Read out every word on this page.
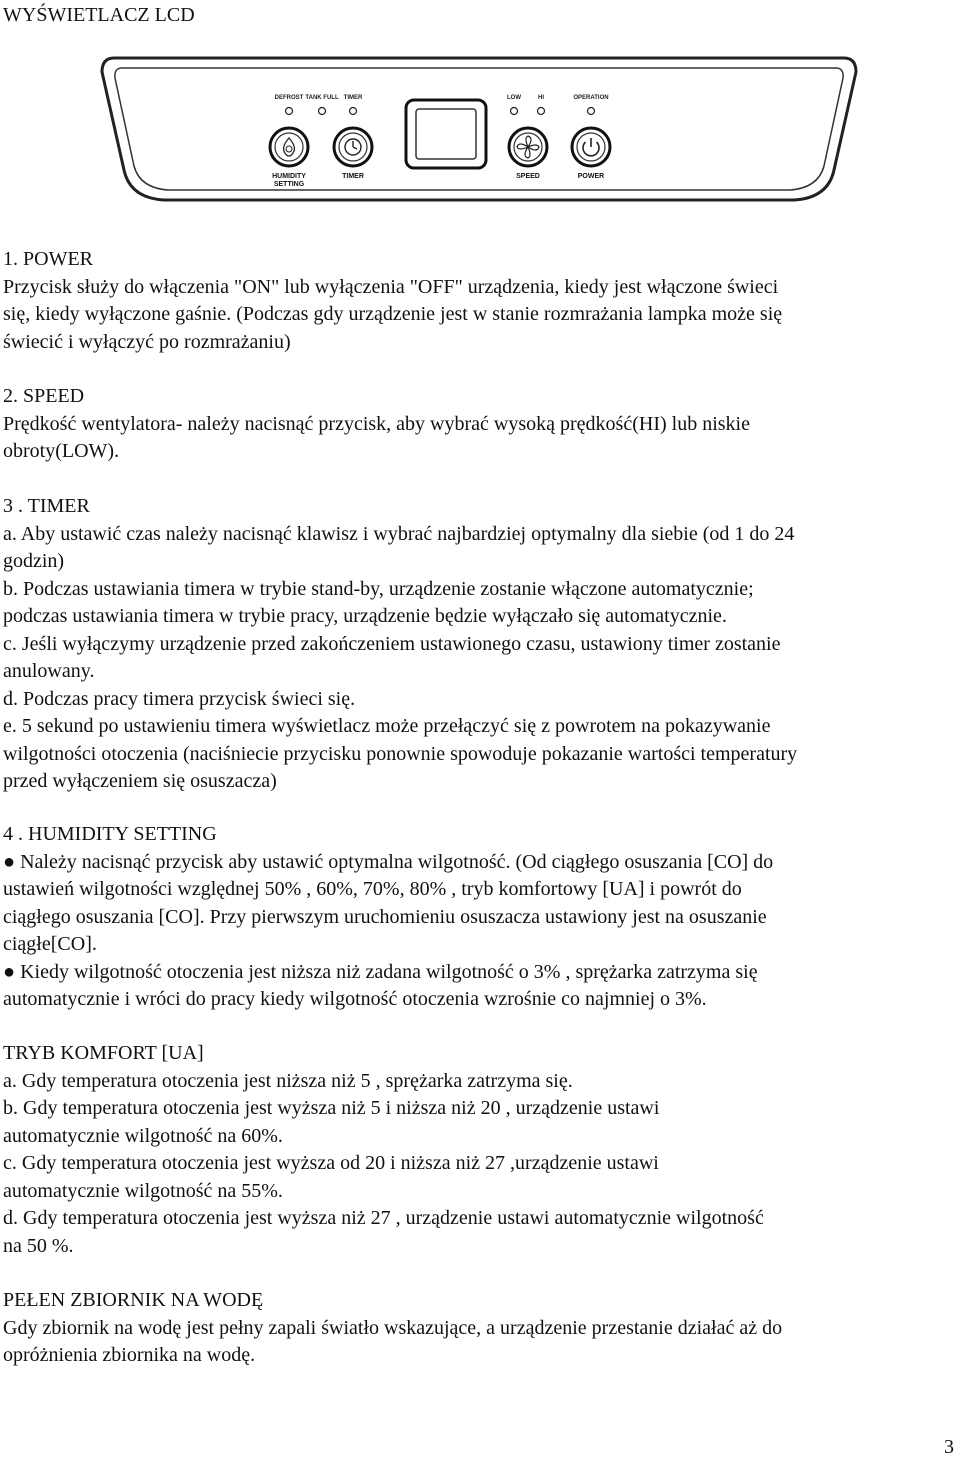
WYŚWIETLACZ LCD
DEFROST TANK FULL TIMER	LOW	HI	OPERATION
HUMIDITY
SETTING
TIMER	SPEED	POWER
1. POWER
Przycisk służy do włączenia "ON" lub wyłączenia "OFF" urządzenia, kiedy jest włączone świeci
się, kiedy wyłączone gaśnie. (Podczas gdy urządzenie jest w stanie rozmrażania lampka może się
świecić i wyłączyć po rozmrażaniu)
2. SPEED
Prędkość wentylatora- należy nacisnąć przycisk, aby wybrać wysoką prędkość(HI) lub niskie
obroty(LOW).
3 . TIMER
a. Aby ustawić czas należy nacisnąć klawisz i wybrać najbardziej optymalny dla siebie (od 1 do 24
godzin)
b. Podczas ustawiania timera w trybie stand-by, urządzenie zostanie włączone automatycznie;
podczas ustawiania timera w trybie pracy, urządzenie będzie wyłączało się automatycznie.
c. Jeśli wyłączymy urządzenie przed zakończeniem ustawionego czasu, ustawiony timer zostanie
anulowany.
d. Podczas pracy timera przycisk świeci się.
e. 5 sekund po ustawieniu timera wyświetlacz może przełączyć się z powrotem na pokazywanie
wilgotności otoczenia (naciśniecie przycisku ponownie spowoduje pokazanie wartości temperatury
przed wyłączeniem się osuszacza)
4 . HUMIDITY SETTING
● Należy nacisnąć przycisk aby ustawić optymalna wilgotność. (Od ciągłego osuszania [CO] do
ustawień wilgotności względnej 50% , 60%, 70%, 80% , tryb komfortowy [UA] i powrót do
ciągłego osuszania [CO]. Przy pierwszym uruchomieniu osuszacza ustawiony jest na osuszanie
ciągłe[CO].
● Kiedy wilgotność otoczenia jest niższa niż zadana wilgotność o 3% , sprężarka zatrzyma się
automatycznie i wróci do pracy kiedy wilgotność otoczenia wzrośnie co najmniej o 3%.
TRYB KOMFORT [UA]
a. Gdy temperatura otoczenia jest niższa niż 5 , sprężarka zatrzyma się.
b. Gdy temperatura otoczenia jest wyższa niż 5 i niższa niż 20 , urządzenie ustawi
automatycznie wilgotność na 60%.
c. Gdy temperatura otoczenia jest wyższa od 20 i niższa niż 27 ,urządzenie ustawi
automatycznie wilgotność na 55%.
d. Gdy temperatura otoczenia jest wyższa niż 27 , urządzenie ustawi automatycznie wilgotność
na 50 %.
PEŁEN ZBIORNIK NA WODĘ
Gdy zbiornik na wodę jest pełny zapali światło wskazujące, a urządzenie przestanie działać aż do
opróżnienia zbiornika na wodę.
3
